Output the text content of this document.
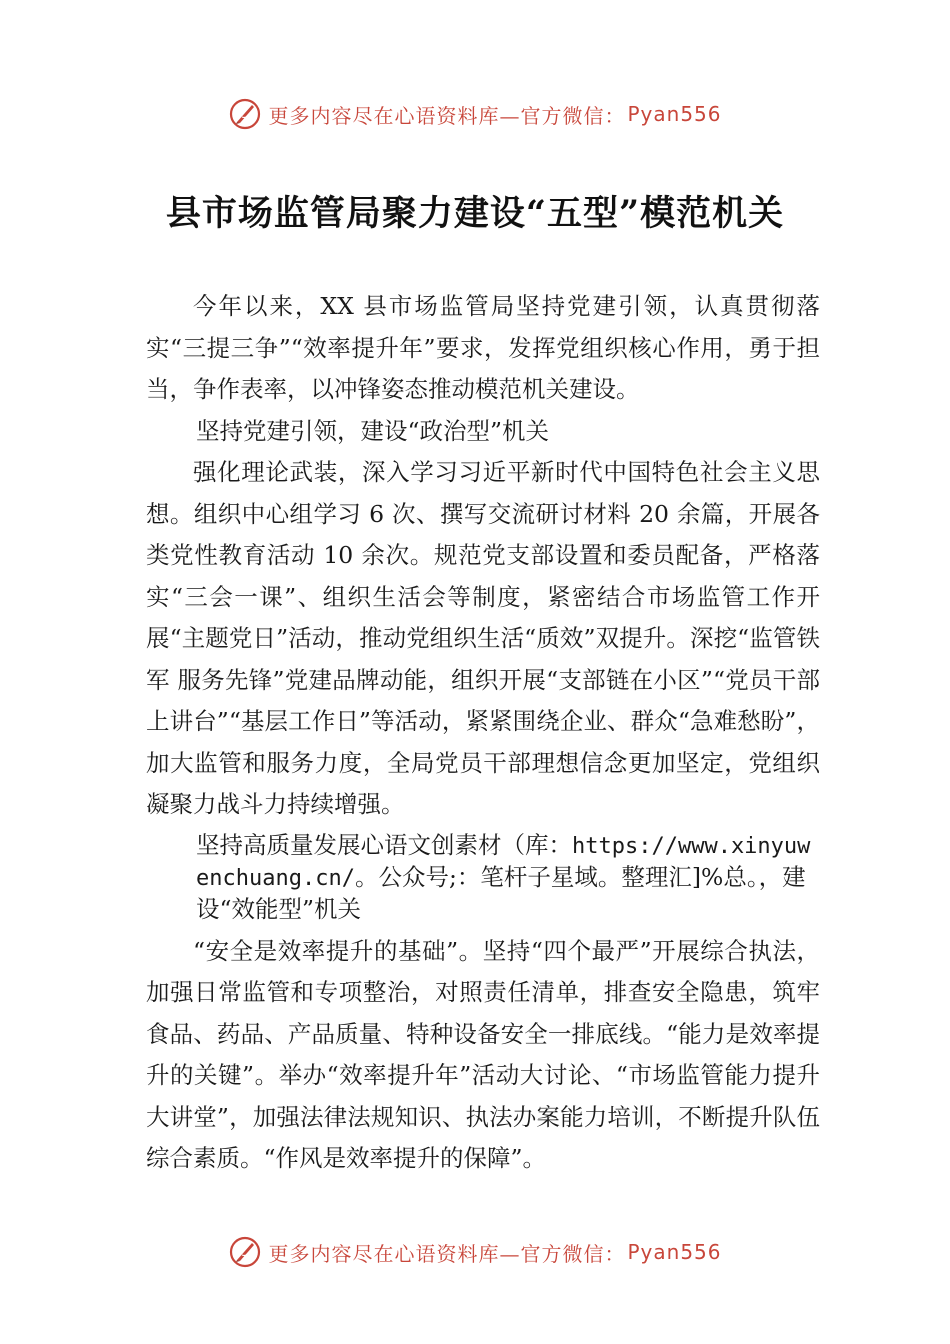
更多内容尽在心语资料库—官方微信： Pyan556
县市场监管局聚力建设“五型”模范机关

今年以来，XX 县市场监管局坚持党建引领，认真贯彻落实“三提三争”“效率提升年”要求，发挥党组织核心作用，勇于担当，争作表率，以冲锋姿态推动模范机关建设。

坚持党建引领，建设“政治型”机关

强化理论武装，深入学习习近平新时代中国特色社会主义思想。组织中心组学习 6 次、撰写交流研讨材料 20 余篇，开展各类党性教育活动 10 余次。规范党支部设置和委员配备，严格落实“三会一课”、组织生活会等制度，紧密结合市场监管工作开展“主题党日”活动，推动党组织生活“质效”双提升。深挖“监管铁军 服务先锋”党建品牌动能，组织开展“支部链在小区”“党员干部上讲台”“基层工作日”等活动，紧紧围绕企业、群众“急难愁盼”，加大监管和服务力度，全局党员干部理想信念更加坚定，党组织凝聚力战斗力持续增强。

坚持高质量发展心语文创素材（库：https://www.xinyuwenchuang.cn/。公众号;：笔杆子星域。整理汇]%总。，建设“效能型”机关

“安全是效率提升的基础”。坚持“四个最严”开展综合执法，加强日常监管和专项整治，对照责任清单，排查安全隐患，筑牢食品、药品、产品质量、特种设备安全一排底线。“能力是效率提升的关键”。举办“效率提升年”活动大讨论、“市场监管能力提升大讲堂”，加强法律法规知识、执法办案能力培训，不断提升队伍综合素质。“作风是效率提升的保障”。

更多内容尽在心语资料库—官方微信： Pyan556
